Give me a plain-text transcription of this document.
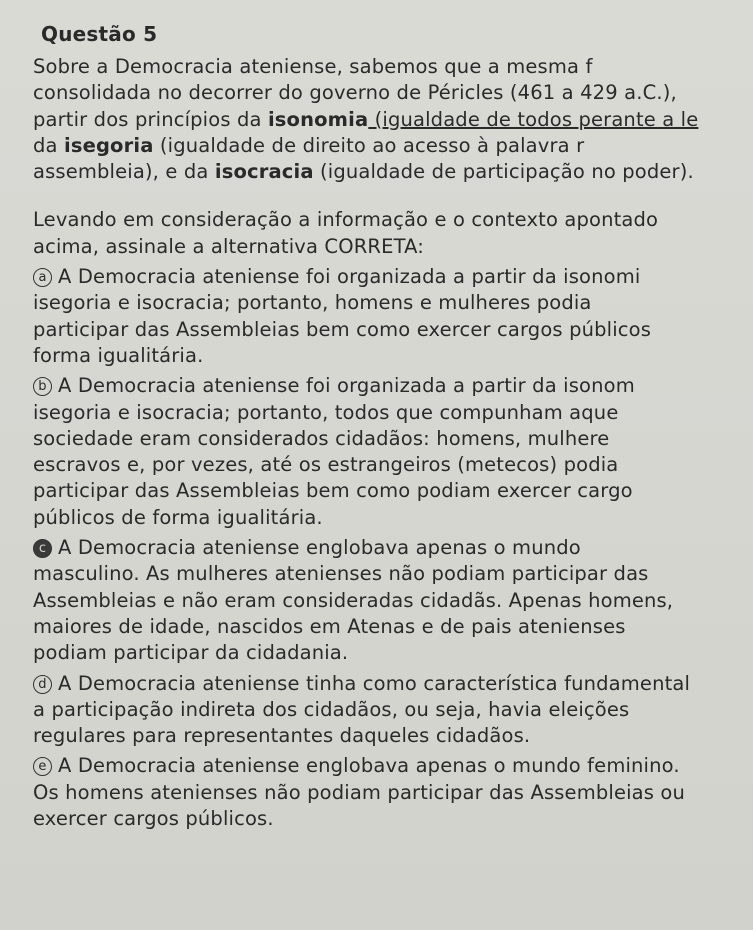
Questão 5
Sobre a Democracia ateniense, sabemos que a mesma f
consolidada no decorrer do governo de Péricles (461 a 429 a.C.),
partir dos princípios da isonomia (igualdade de todos perante a le
da isegoria (igualdade de direito ao acesso à palavra r
assembleia), e da isocracia (igualdade de participação no poder).
Levando em consideração a informação e o contexto apontado
acima, assinale a alternativa CORRETA:
a A Democracia ateniense foi organizada a partir da isonomi
isegoria e isocracia; portanto, homens e mulheres podia
participar das Assembleias bem como exercer cargos públicos
forma igualitária.
b A Democracia ateniense foi organizada a partir da isonom
isegoria e isocracia; portanto, todos que compunham aque
sociedade eram considerados cidadãos: homens, mulhere
escravos e, por vezes, até os estrangeiros (metecos) podia
participar das Assembleias bem como podiam exercer cargo
públicos de forma igualitária.
c A Democracia ateniense englobava apenas o mundo
masculino. As mulheres atenienses não podiam participar das
Assembleias e não eram consideradas cidadãs. Apenas homens,
maiores de idade, nascidos em Atenas e de pais atenienses
podiam participar da cidadania.
d A Democracia ateniense tinha como característica fundamental
a participação indireta dos cidadãos, ou seja, havia eleições
regulares para representantes daqueles cidadãos.
e A Democracia ateniense englobava apenas o mundo feminino.
Os homens atenienses não podiam participar das Assembleias ou
exercer cargos públicos.
